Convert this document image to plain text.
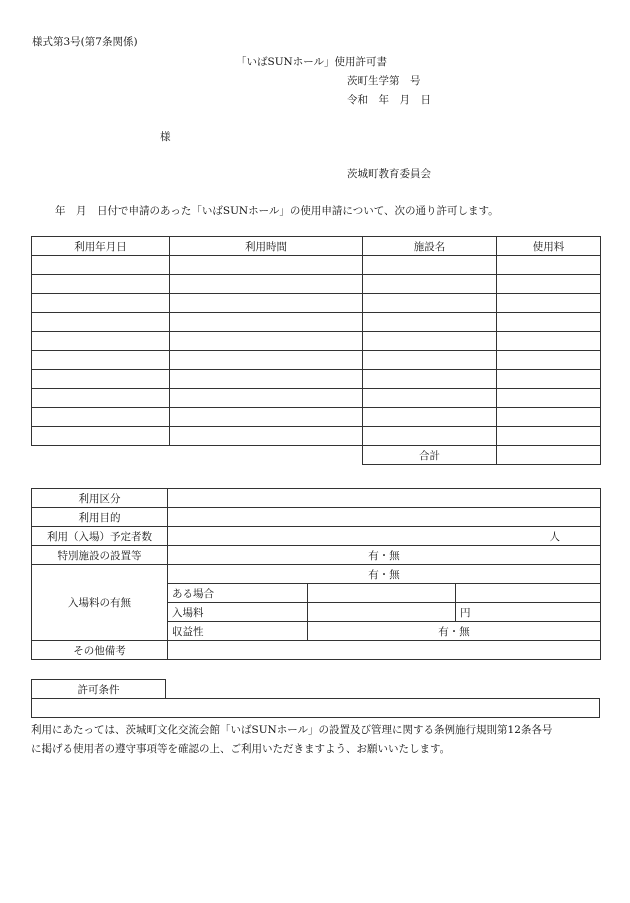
様式第3号(第7条関係)
「いばSUNホール」使用許可書
茨町生学第　号
令和　年　月　日
様
茨城町教育委員会
年　月　日付で申請のあった「いばSUNホール」の使用申請について、次の通り許可します。
利用年月日	利用時間	施設名	使用料

		合計	
利用区分			
利用目的			
利用（入場）予定者数	人		
特別施設の設置等	有・無		
入場料の有無	有・無		
	ある場合		
	入場料		円
	収益性	有・無	
その他備考			
許可条件
利用にあたっては、茨城町文化交流会館「いばSUNホール」の設置及び管理に関する条例施行規則第12条各号
に掲げる使用者の遵守事項等を確認の上、ご利用いただきますよう、お願いいたします。
